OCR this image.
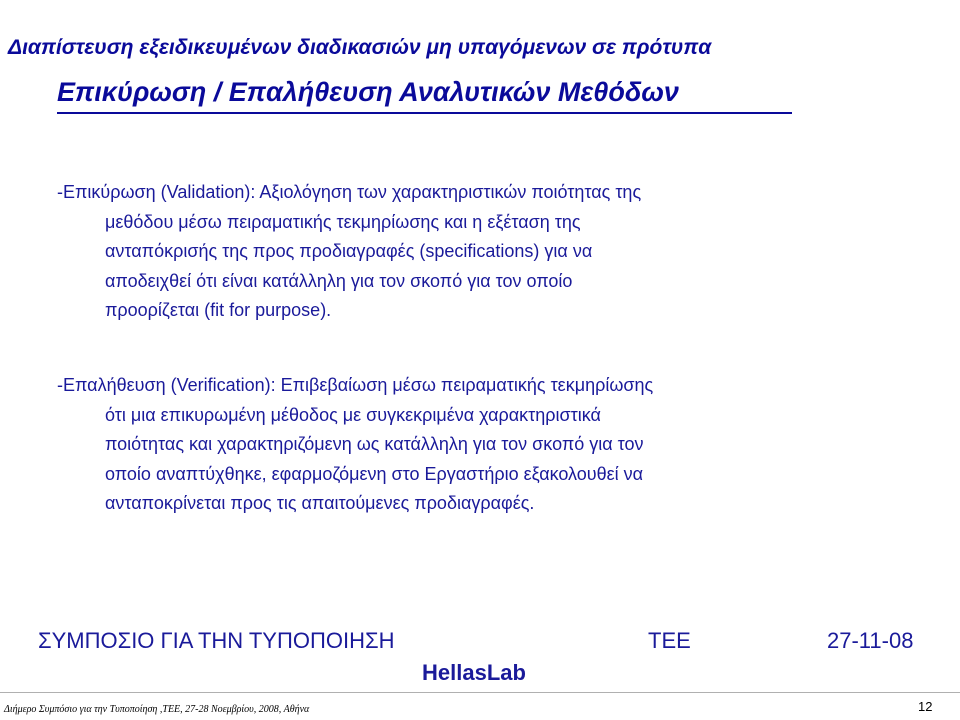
Διαπίστευση εξειδικευμένων διαδικασιών μη υπαγόμενων σε πρότυπα
Επικύρωση / Επαλήθευση Αναλυτικών Μεθόδων
-Επικύρωση (Validation): Αξιολόγηση των χαρακτηριστικών ποιότητας της
μεθόδου μέσω πειραματικής τεκμηρίωσης και η εξέταση της
ανταπόκρισής της προς προδιαγραφές (specifications) για να
αποδειχθεί ότι είναι κατάλληλη για τον σκοπό για τον οποίο
προορίζεται (fit for purpose).
-Επαλήθευση (Verification): Επιβεβαίωση μέσω πειραματικής τεκμηρίωσης
ότι μια επικυρωμένη μέθοδος με συγκεκριμένα χαρακτηριστικά
ποιότητας και χαρακτηριζόμενη ως κατάλληλη για τον σκοπό για τον
οποίο αναπτύχθηκε, εφαρμοζόμενη στο Εργαστήριο εξακολουθεί να
ανταποκρίνεται προς τις απαιτούμενες προδιαγραφές.
ΣΥΜΠΟΣΙΟ ΓΙΑ ΤΗΝ ΤΥΠΟΠΟΙΗΣΗ	ΤΕΕ	27-11-08
HellasLab
Διήμερο Συμπόσιο για την Τυποποίηση ,ΤΕΕ, 27-28 Νοεμβρίου, 2008, Αθήνα	12
